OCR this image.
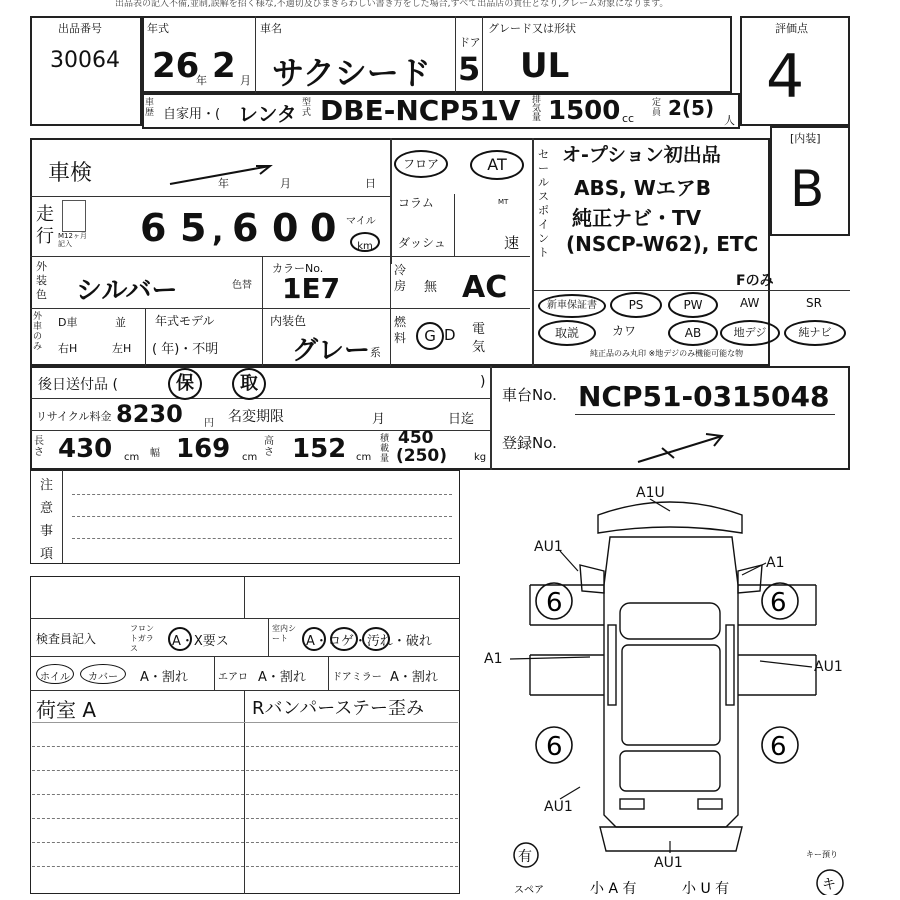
出品表の記入不備,並制,誤解を招く様な,不適切及びまぎらわしい書き方をした場合,すべて出品店の責任となり,クレーム対象になります。
出品番号
30064
年式
26
年 2 月
車名
サクシード
ドア
5
グレード又は形状
UL
評価点
4
車歴 自家用・( レンタ 型式 DBE-NCP51V 排気量 1500 cc
定員 2(5)
人
[内装]
B
車検	年	月	日
走行 M12ヶ月記入	6 5 , 6 0 0 マイル
km
フロア	AT
コラム
ダッシュ
MT
速
外装色 シルバー	色替
カラーNo.
1E7
冷房 無 AC
外車のみ
D車	並
右H	左H
年式モデル
( 年)・不明
内装色
グレー 系
燃料	G D 電
気
セールスポイント
オ-プション初出品
ABS, WエアB
純正ナビ・TV
(NSCP-W62), ETC
Fのみ
新車保証書	PS	PW	AW	SR
取説	カワ	AB	地デジ	純ナビ
純正品のみ丸印 ※地デジのみ機能可能な物
後日送付品 (	保	取	)
リサイクル料金 8230 円 名変期限	月	日迄
長さ 430 cm 幅 169 cm
高さ 152 cm
積載量
450
(250)	kg
車台No. NCP51-0315048
登録No.
注
意
事
項
検査員記入
フロントガラス	A・X要ス
室内シート	A・コゲ・汚れ・破れ
ホイル	カバー	A・割れ	エアロ A・割れ	ドアミラー A・割れ
荷室 A	Rバンパーステー歪み
6	6
6	6
A1U
AU1
A1
A1	AU1
AU1
AU1
有
スペア	小 A 有	小 U 有
キー預り
キ
